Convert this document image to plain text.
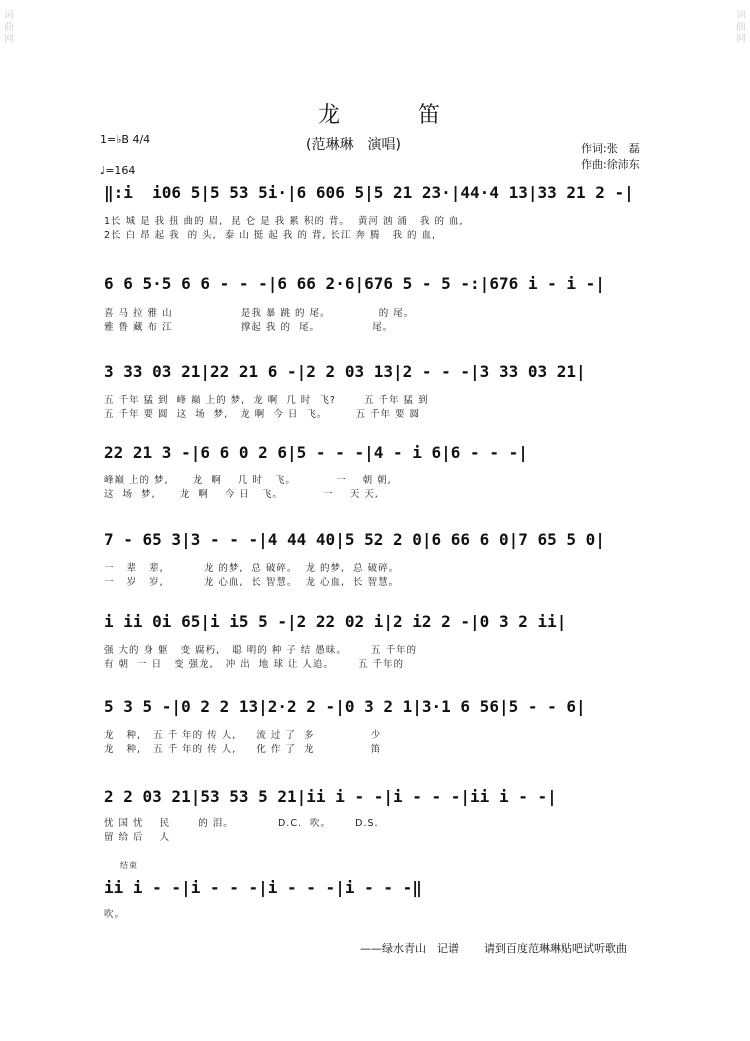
词
曲
网
词
曲
网
龙　笛
(范琳琳　演唱)	作词:张　磊
作曲:徐沛东
1=♭B 4/4
♩=164
‖:i  i06 5|5 53 5i·|6 606 5|5 21 23·|44·4 13|33 21 2 -|
1长 城 是 我 扭 曲的 眉,  昆 仑 是 我 累 积的 背。  黄河 汹 涌   我 的 血,
2长 白 昂 起 我  的 头,  泰 山 挺 起 我 的 背, 长江 奔 腾   我 的 血,
6 6 5·5 6 6 - - -|6 66 2·6|676 5 - 5 -:|676 i - i -|
喜 马 拉 雅 山                 是我 暴 跳 的 尾。            的 尾。
雅 鲁 藏 布 江                 撑起 我 的  尾。             尾。
3 33 03 21|22 21 6 -|2 2 03 13|2 - - -|3 33 03 21|
五 千年 猛 到  峰 巅 上的 梦,  龙 啊  几 时  飞?       五 千年 猛 到
五 千年 要 圆  这  场  梦,   龙 啊  今 日  飞。       五 千年 要 圆
22 21 3 -|6 6 0 2 6|5 - - -|4 - i 6|6 - - -|
峰巅 上的 梦,      龙  啊    几 时   飞。          一    朝 朝,
这  场  梦,      龙  啊    今 日   飞。          一    天 天,
7 - 65 3|3 - - -|4 44 40|5 52 2 0|6 66 6 0|7 65 5 0|
一   辈   辈,          龙 的梦,  总 破碎。  龙 的梦,  总 破碎。
一   岁   岁,          龙 心血,  长 智慧。  龙 心血,  长 智慧。
i ii 0i 65|i i5 5 -|2 22 02 i|2 i2 2 -|0 3 2 ii|
强 大的 身 躯   变 腐朽,   聪 明的 种 子 结 愚昧。      五 千年的
有 朝  一 日   变 强龙,   冲 出  地 球 让 人追。      五 千年的
5 3 5 -|0 2 2 13|2·2 2 -|0 3 2 1|3·1 6 56|5 - - 6|
龙   种,   五 千 年的 传 人,     流 过 了  多              少
龙   种,   五 千 年的 传 人,     化 作 了  龙              笛
2 2 03 21|53 53 5 21|ii i - -|i - - -|ii i - -|
忧 国 忧    民       的 泪。           D.C.  吹。      D.S.
留 给 后    人
结束
ii i - -|i - - -|i - - -|i - - -‖
吹。
——绿水青山　记谱 请到百度范琳琳贴吧试听歌曲
